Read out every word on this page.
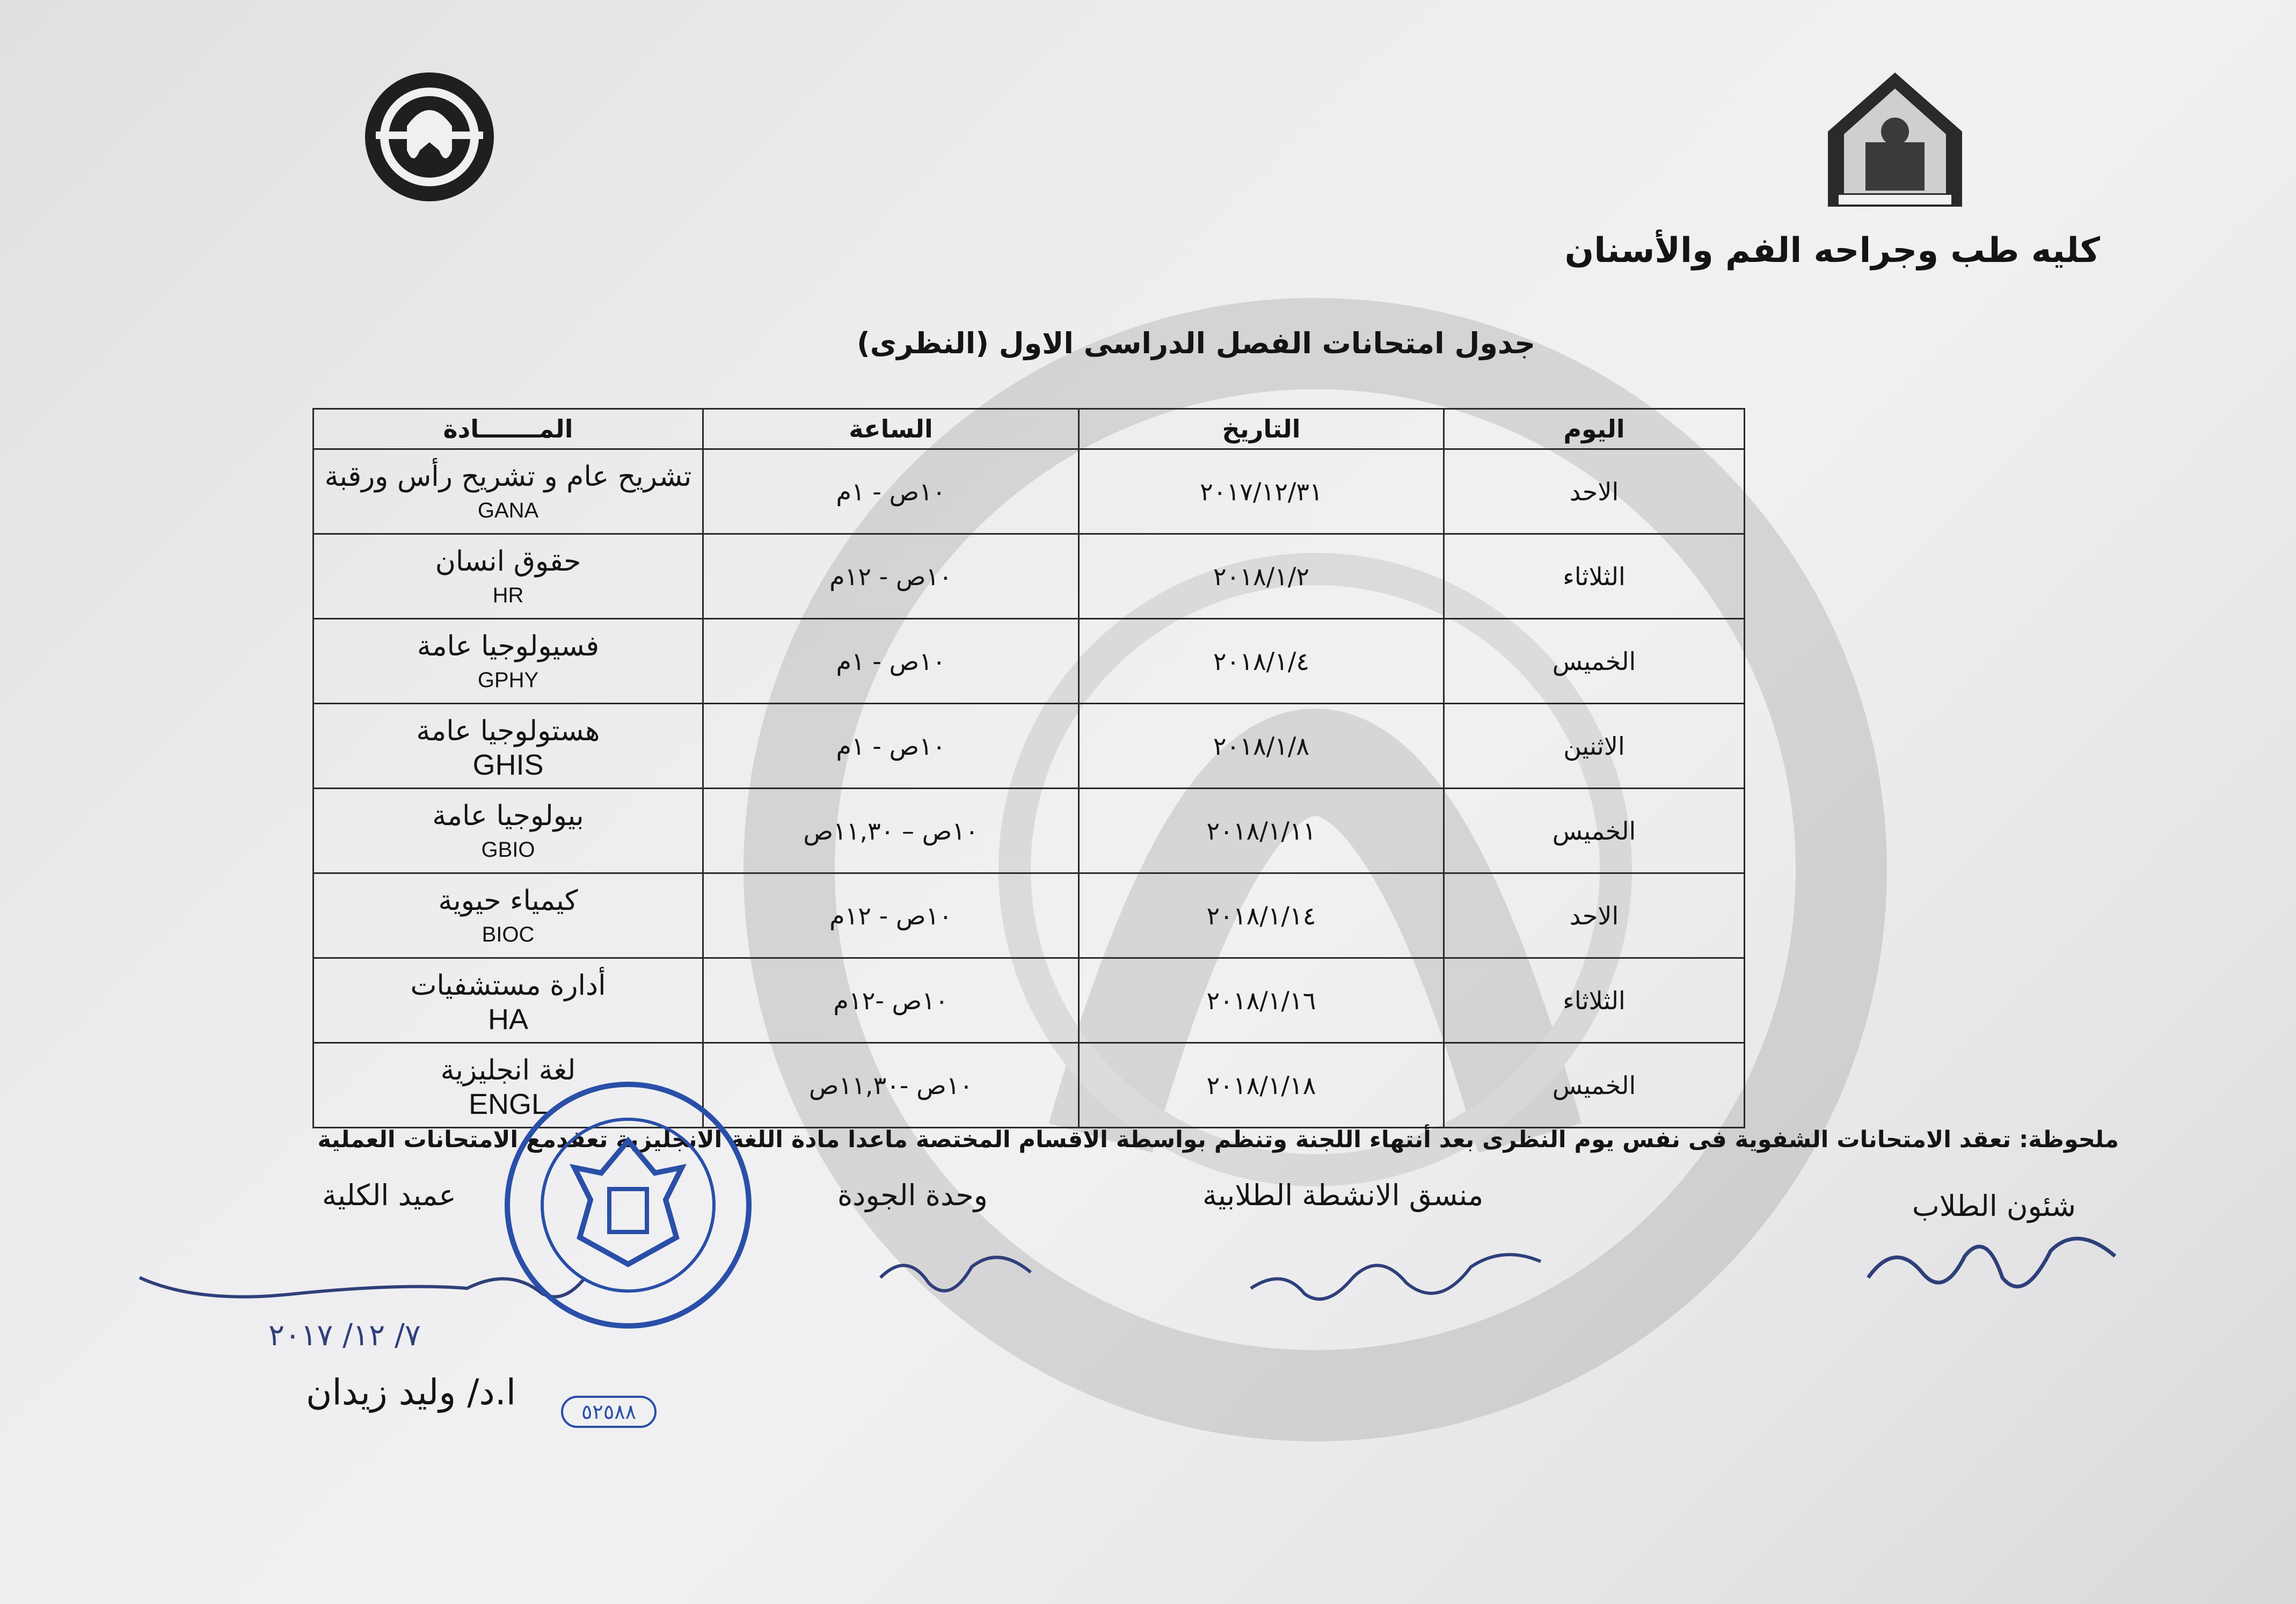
كليه طب وجراحه الفم والأسنان
جدول امتحانات الفصل الدراسى الاول (النظرى)
اليوم	التاريخ	الساعة	المـــــــادة
الاحد	٢٠١٧/١٢/٣١	١٠ص - ١م	تشريح عام و تشريح رأس ورقبة
GANA

الثلاثاء	٢٠١٨/١/٢	١٠ص - ١٢م	حقوق انسان
HR

الخميس	٢٠١٨/١/٤	١٠ص - ١م	فسيولوجيا عامة
GPHY

الاثنين	٢٠١٨/١/٨	١٠ص - ١م	هستولوجيا عامة
GHIS

الخميس	٢٠١٨/١/١١	١٠ص – ١١,٣٠ص	بيولوجيا عامة
GBIO

الاحد	٢٠١٨/١/١٤	١٠ص - ١٢م	كيمياء حيوية
BIOC

الثلاثاء	٢٠١٨/١/١٦	١٠ص -١٢م	أدارة مستشفيات
HA

الخميس	٢٠١٨/١/١٨	١٠ص -١١,٣٠ص	لغة انجليزية
ENGL
ملحوظة: تعقد الامتحانات الشفوية فى نفس يوم النظرى بعد أنتهاء اللجنة وتنظم بواسطة الاقسام المختصة ماعدا مادة اللغة الانجليزية تعقدمع الامتحانات العملية
شئون الطلاب
منسق الانشطة الطلابية
وحدة الجودة
عميد الكلية
٧/ ١٢/ ٢٠١٧
ا.د/ وليد زيدان	٥٢٥٨٨
